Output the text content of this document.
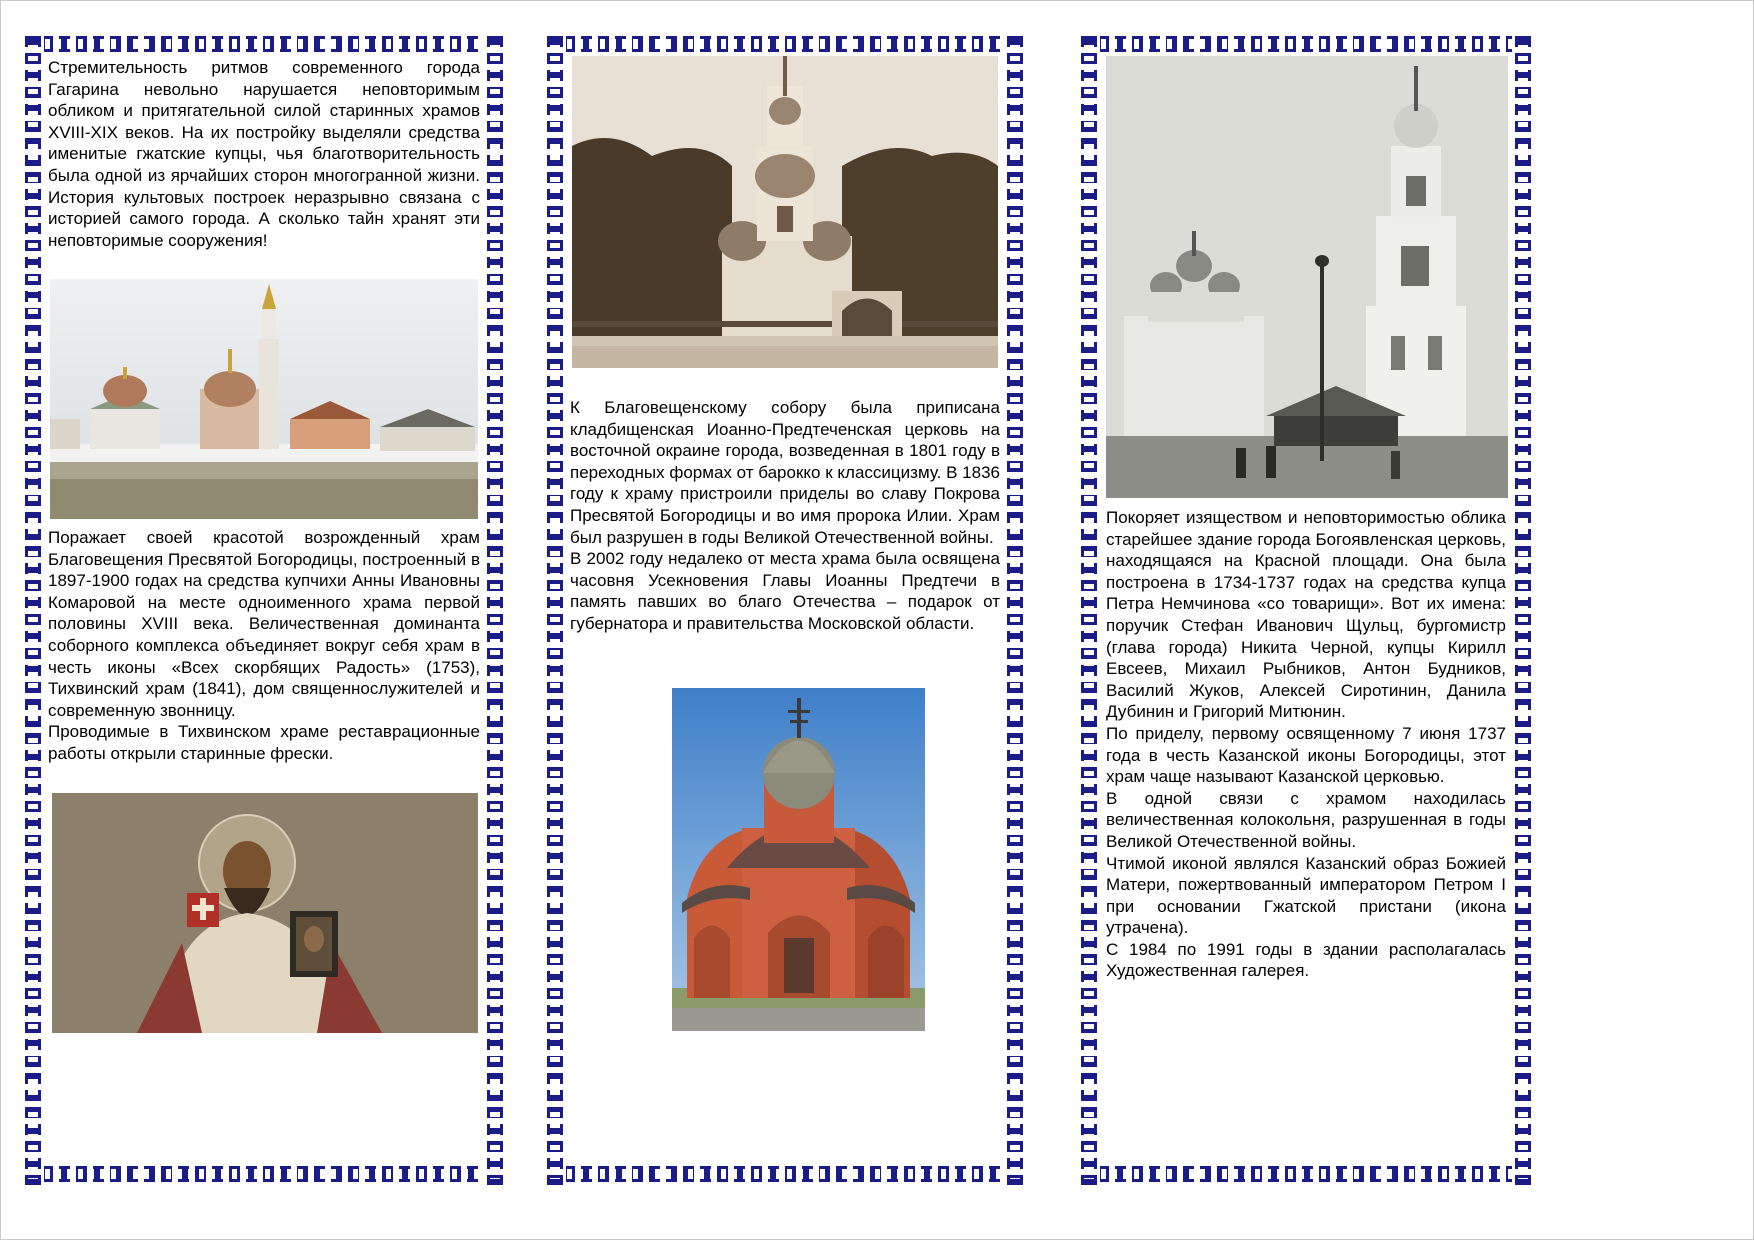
Стремительность ритмов современного города Гагарина невольно нарушается неповторимым обликом и притягательной силой старинных храмов XVIII-XIX веков. На их постройку выделяли средства именитые гжатские купцы, чья благотворительность была одной из ярчайших сторон многогранной жизни. История культовых построек неразрывно связана с историей самого города. А сколько тайн хранят эти неповторимые сооружения!

Поражает своей красотой возрожденный храм Благовещения Пресвятой Богородицы, построенный в 1897-1900 годах на средства купчихи Анны Ивановны Комаровой на месте одноименного храма первой половины XVIII века. Величественная доминанта соборного комплекса объединяет вокруг себя храм в честь иконы «Всех скорбящих Радость» (1753), Тихвинский храм (1841), дом священнослужителей и современную звонницу.

Проводимые в Тихвинском храме реставрационные работы открыли старинные фрески.

К Благовещенскому собору была приписана кладбищенская Иоанно-Предтеченская церковь на восточной окраине города, возведенная в 1801 году в переходных формах от барокко к классицизму. В 1836 году к храму пристроили приделы во славу Покрова Пресвятой Богородицы и во имя пророка Илии. Храм был разрушен в годы Великой Отечественной войны.

В 2002 году недалеко от места храма была освящена часовня Усекновения Главы Иоанны Предтечи в память павших во благо Отечества – подарок от губернатора и правительства Московской области.

Покоряет изяществом и неповторимостью облика старейшее здание города Богоявленская церковь, находящаяся на Красной площади. Она была построена в 1734-1737 годах на средства купца Петра Немчинова «со товарищи». Вот их имена: поручик Стефан Иванович Щульц, бургомистр (глава города) Никита Черной, купцы Кирилл Евсеев, Михаил Рыбников, Антон Будников, Василий Жуков, Алексей Сиротинин, Данила Дубинин и Григорий Митюнин.

По приделу, первому освященному 7 июня 1737 года в честь Казанской иконы Богородицы, этот храм чаще называют Казанской церковью.

В одной связи с храмом находилась величественная колокольня, разрушенная в годы Великой Отечественной войны.

Чтимой иконой являлся Казанский образ Божией Матери, пожертвованный императором Петром I при основании Гжатской пристани (икона утрачена).

С 1984 по 1991 годы в здании располагалась Художественная галерея.
